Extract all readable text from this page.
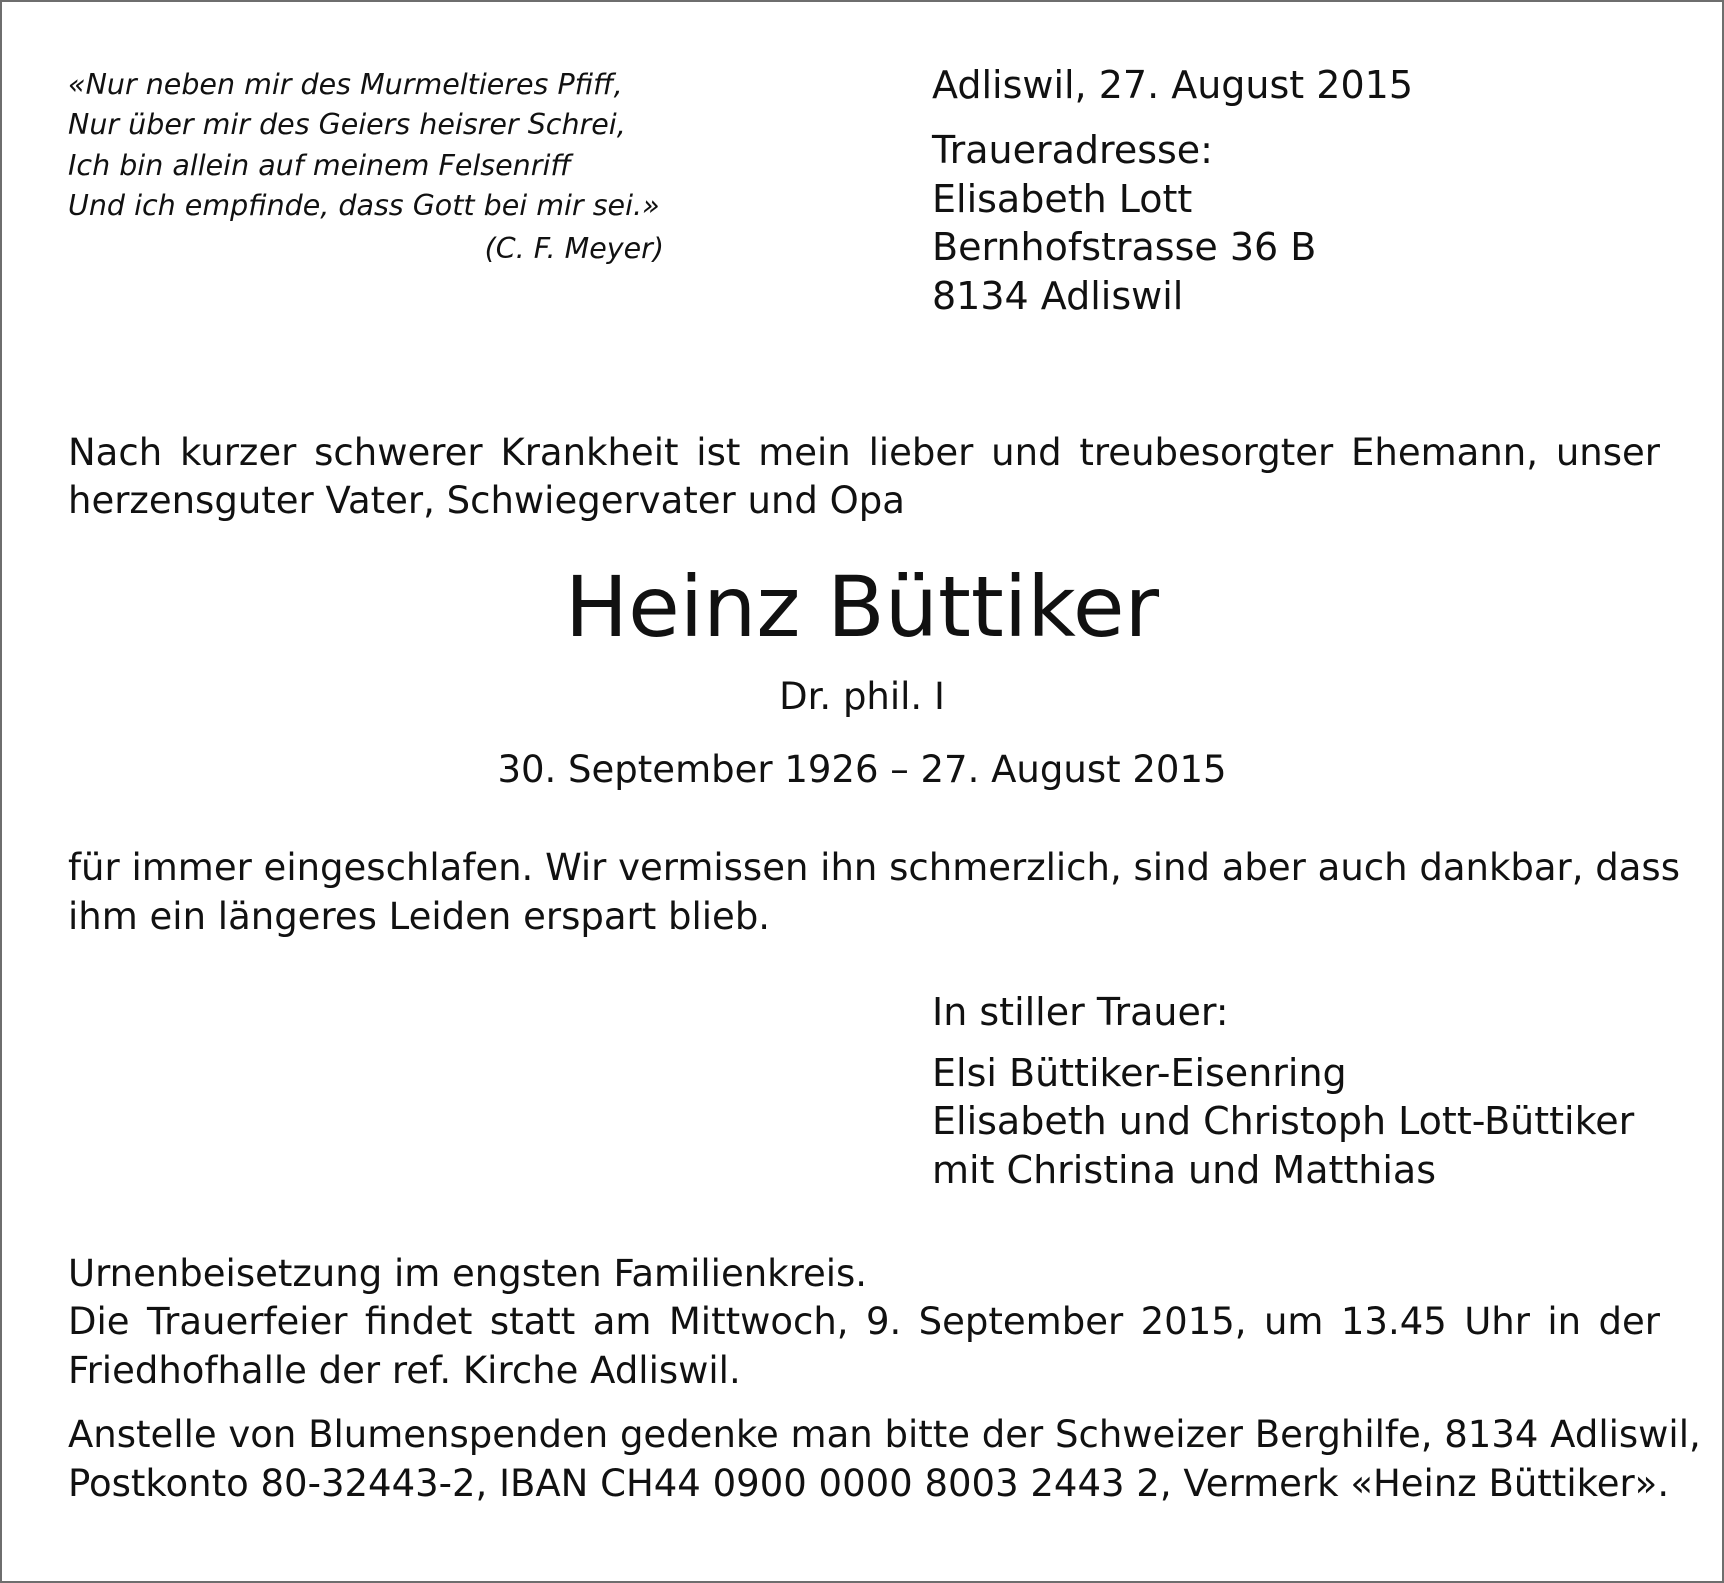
«Nur neben mir des Murmeltieres Pfiff,
Nur über mir des Geiers heisrer Schrei,
Ich bin allein auf meinem Felsenriff
Und ich empfinde, dass Gott bei mir sei.»
(C. F. Meyer)
Adliswil, 27. August 2015
Traueradresse:
Elisabeth Lott
Bernhofstrasse 36 B
8134 Adliswil
Nach kurzer schwerer Krankheit ist mein lieber und treubesorgter Ehemann, unser
herzensguter Vater, Schwiegervater und Opa
Heinz Büttiker
Dr. phil. I
30. September 1926 – 27. August 2015
für immer eingeschlafen. Wir vermissen ihn schmerzlich, sind aber auch dankbar, dass
ihm ein längeres Leiden erspart blieb.
In stiller Trauer:
Elsi Büttiker-Eisenring
Elisabeth und Christoph Lott-Büttiker
mit Christina und Matthias
Urnenbeisetzung im engsten Familienkreis.
Die Trauerfeier findet statt am Mittwoch, 9. September 2015, um 13.45 Uhr in der
Friedhofhalle der ref. Kirche Adliswil.
Anstelle von Blumenspenden gedenke man bitte der Schweizer Berghilfe, 8134 Adliswil,
Postkonto 80-32443-2, IBAN CH44 0900 0000 8003 2443 2, Vermerk «Heinz Büttiker».
